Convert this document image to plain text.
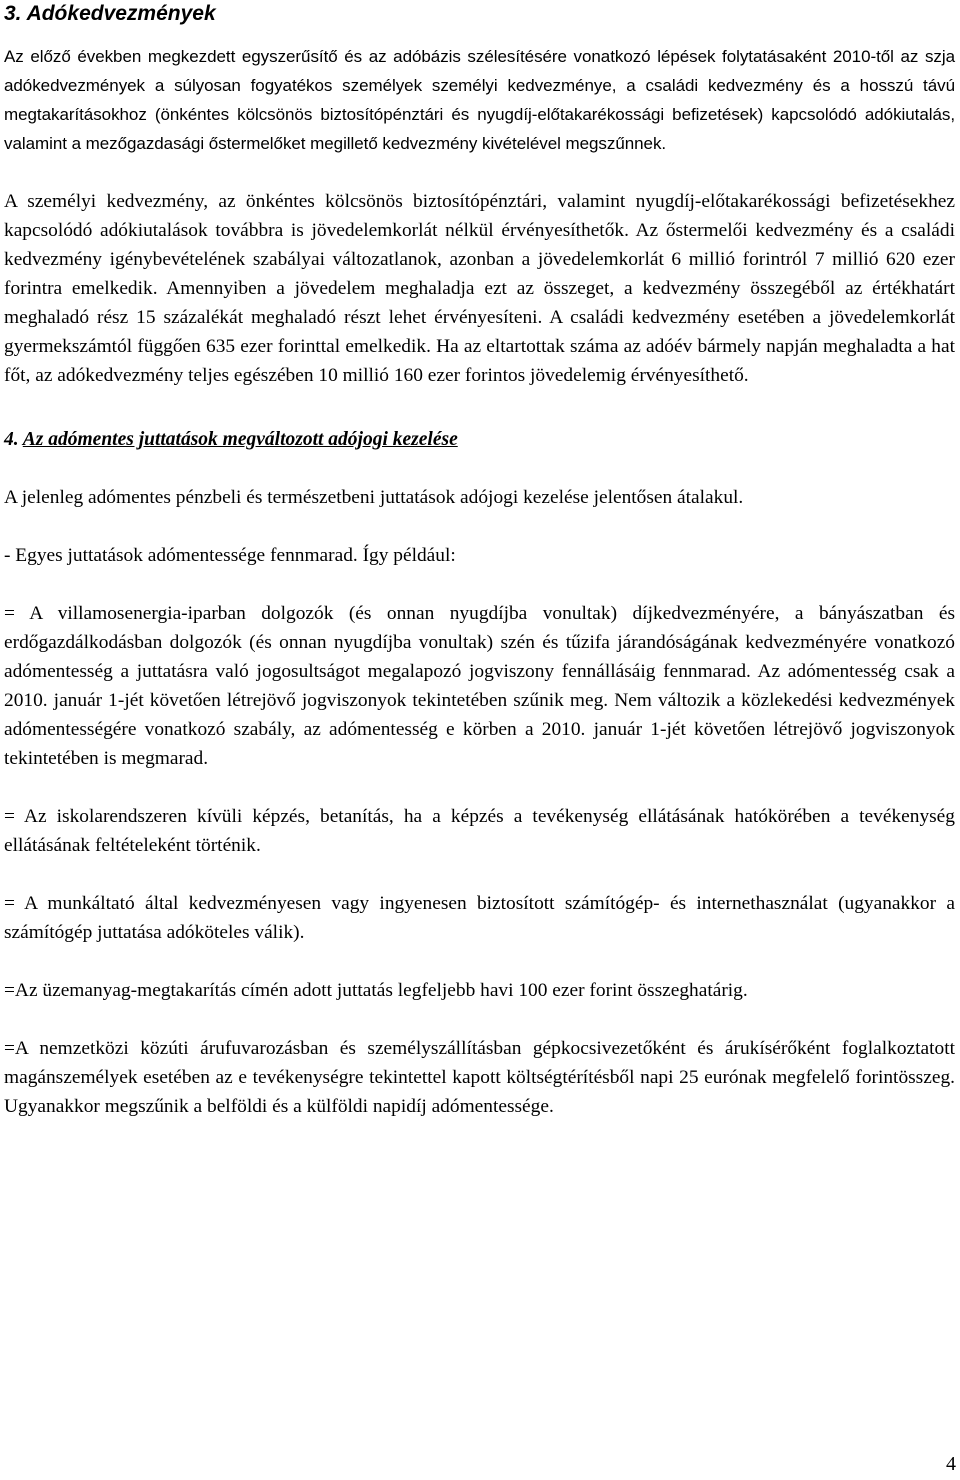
3. Adókedvezmények

Az előző években megkezdett egyszerűsítő és az adóbázis szélesítésére vonatkozó lépések folytatásaként 2010-től az szja adókedvezmények a súlyosan fogyatékos személyek személyi kedvezménye, a családi kedvezmény és a hosszú távú megtakarításokhoz (önkéntes kölcsönös biztosítópénztári és nyugdíj-előtakarékossági befizetések) kapcsolódó adókiutalás, valamint a mezőgazdasági őstermelőket megillető kedvezmény kivételével megszűnnek.

A személyi kedvezmény, az önkéntes kölcsönös biztosítópénztári, valamint nyugdíj-előtakarékossági befizetésekhez kapcsolódó adókiutalások továbbra is jövedelemkorlát nélkül érvényesíthetők. Az őstermelői kedvezmény és a családi kedvezmény igénybevételének szabályai változatlanok, azonban a jövedelemkorlát 6 millió forintról 7 millió 620 ezer forintra emelkedik. Amennyiben a jövedelem meghaladja ezt az összeget, a kedvezmény összegéből az értékhatárt meghaladó rész 15 százalékát meghaladó részt lehet érvényesíteni. A családi kedvezmény esetében a jövedelemkorlát gyermekszámtól függően 635 ezer forinttal emelkedik. Ha az eltartottak száma az adóév bármely napján meghaladta a hat főt, az adókedvezmény teljes egészében 10 millió 160 ezer forintos jövedelemig érvényesíthető.

4. Az adómentes juttatások megváltozott adójogi kezelése

A jelenleg adómentes pénzbeli és természetbeni juttatások adójogi kezelése jelentősen átalakul.

- Egyes juttatások adómentessége fennmarad. Így például:

= A villamosenergia-iparban dolgozók (és onnan nyugdíjba vonultak) díjkedvezményére, a bányászatban és erdőgazdálkodásban dolgozók (és onnan nyugdíjba vonultak) szén és tűzifa járandóságának kedvezményére vonatkozó adómentesség a juttatásra való jogosultságot megalapozó jogviszony fennállásáig fennmarad. Az adómentesség csak a 2010. január 1-jét követően létrejövő jogviszonyok tekintetében szűnik meg. Nem változik a közlekedési kedvezmények adómentességére vonatkozó szabály, az adómentesség e körben a 2010. január 1-jét követően létrejövő jogviszonyok tekintetében is megmarad.

= Az iskolarendszeren kívüli képzés, betanítás, ha a képzés a tevékenység ellátásának hatókörében a tevékenység ellátásának feltételeként történik.

= A munkáltató által kedvezményesen vagy ingyenesen biztosított számítógép- és internethasználat (ugyanakkor a számítógép juttatása adóköteles válik).

=Az üzemanyag-megtakarítás címén adott juttatás legfeljebb havi 100 ezer forint összeghatárig.

=A nemzetközi közúti árufuvarozásban és személyszállításban gépkocsivezetőként és árukísérőként foglalkoztatott magánszemélyek esetében az e tevékenységre tekintettel kapott költségtérítésből napi 25 eurónak megfelelő forintösszeg. Ugyanakkor megszűnik a belföldi és a külföldi napidíj adómentessége.

4
